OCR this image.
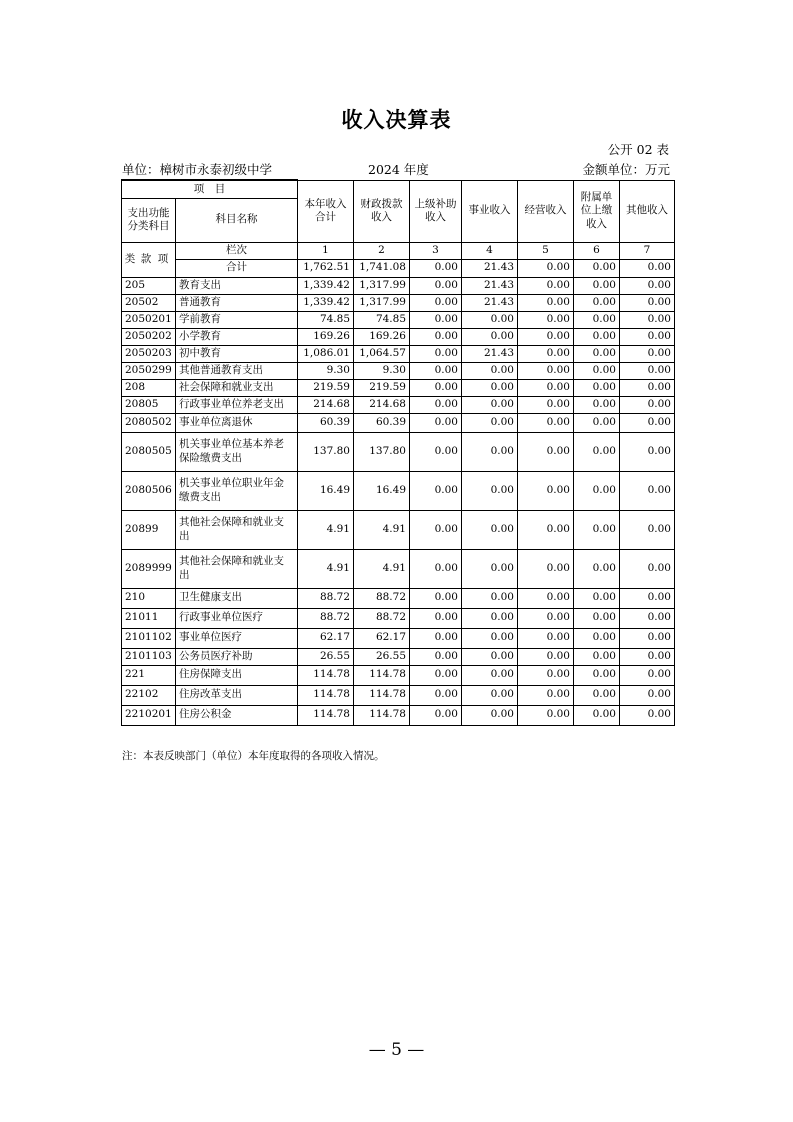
收入决算表
公开 02 表
单位：樟树市永泰初级中学	2024 年度	金额单位：万元
项　目		本年收入合计	财政拨款收入	上级补助收入	事业收入	经营收入	附属单位上缴收入	其他收入
支出功能分类科目	科目名称							
类 款 项	栏次	1	2	3	4	5	6	7
	合计	1,762.51	1,741.08	0.00	21.43	0.00	0.00	0.00
205	教育支出	1,339.42	1,317.99	0.00	21.43	0.00	0.00	0.00
20502	普通教育	1,339.42	1,317.99	0.00	21.43	0.00	0.00	0.00
2050201	学前教育	74.85	74.85	0.00	0.00	0.00	0.00	0.00
2050202	小学教育	169.26	169.26	0.00	0.00	0.00	0.00	0.00
2050203	初中教育	1,086.01	1,064.57	0.00	21.43	0.00	0.00	0.00
2050299	其他普通教育支出	9.30	9.30	0.00	0.00	0.00	0.00	0.00
208	社会保障和就业支出	219.59	219.59	0.00	0.00	0.00	0.00	0.00
20805	行政事业单位养老支出	214.68	214.68	0.00	0.00	0.00	0.00	0.00
2080502	事业单位离退休	60.39	60.39	0.00	0.00	0.00	0.00	0.00
2080505	机关事业单位基本养老保险缴费支出	137.80	137.80	0.00	0.00	0.00	0.00	0.00
2080506	机关事业单位职业年金缴费支出	16.49	16.49	0.00	0.00	0.00	0.00	0.00
20899	其他社会保障和就业支出	4.91	4.91	0.00	0.00	0.00	0.00	0.00
2089999	其他社会保障和就业支出	4.91	4.91	0.00	0.00	0.00	0.00	0.00
210	卫生健康支出	88.72	88.72	0.00	0.00	0.00	0.00	0.00
21011	行政事业单位医疗	88.72	88.72	0.00	0.00	0.00	0.00	0.00
2101102	事业单位医疗	62.17	62.17	0.00	0.00	0.00	0.00	0.00
2101103	公务员医疗补助	26.55	26.55	0.00	0.00	0.00	0.00	0.00
221	住房保障支出	114.78	114.78	0.00	0.00	0.00	0.00	0.00
22102	住房改革支出	114.78	114.78	0.00	0.00	0.00	0.00	0.00
2210201	住房公积金	114.78	114.78	0.00	0.00	0.00	0.00	0.00
注：本表反映部门（单位）本年度取得的各项收入情况。
— 5 —
